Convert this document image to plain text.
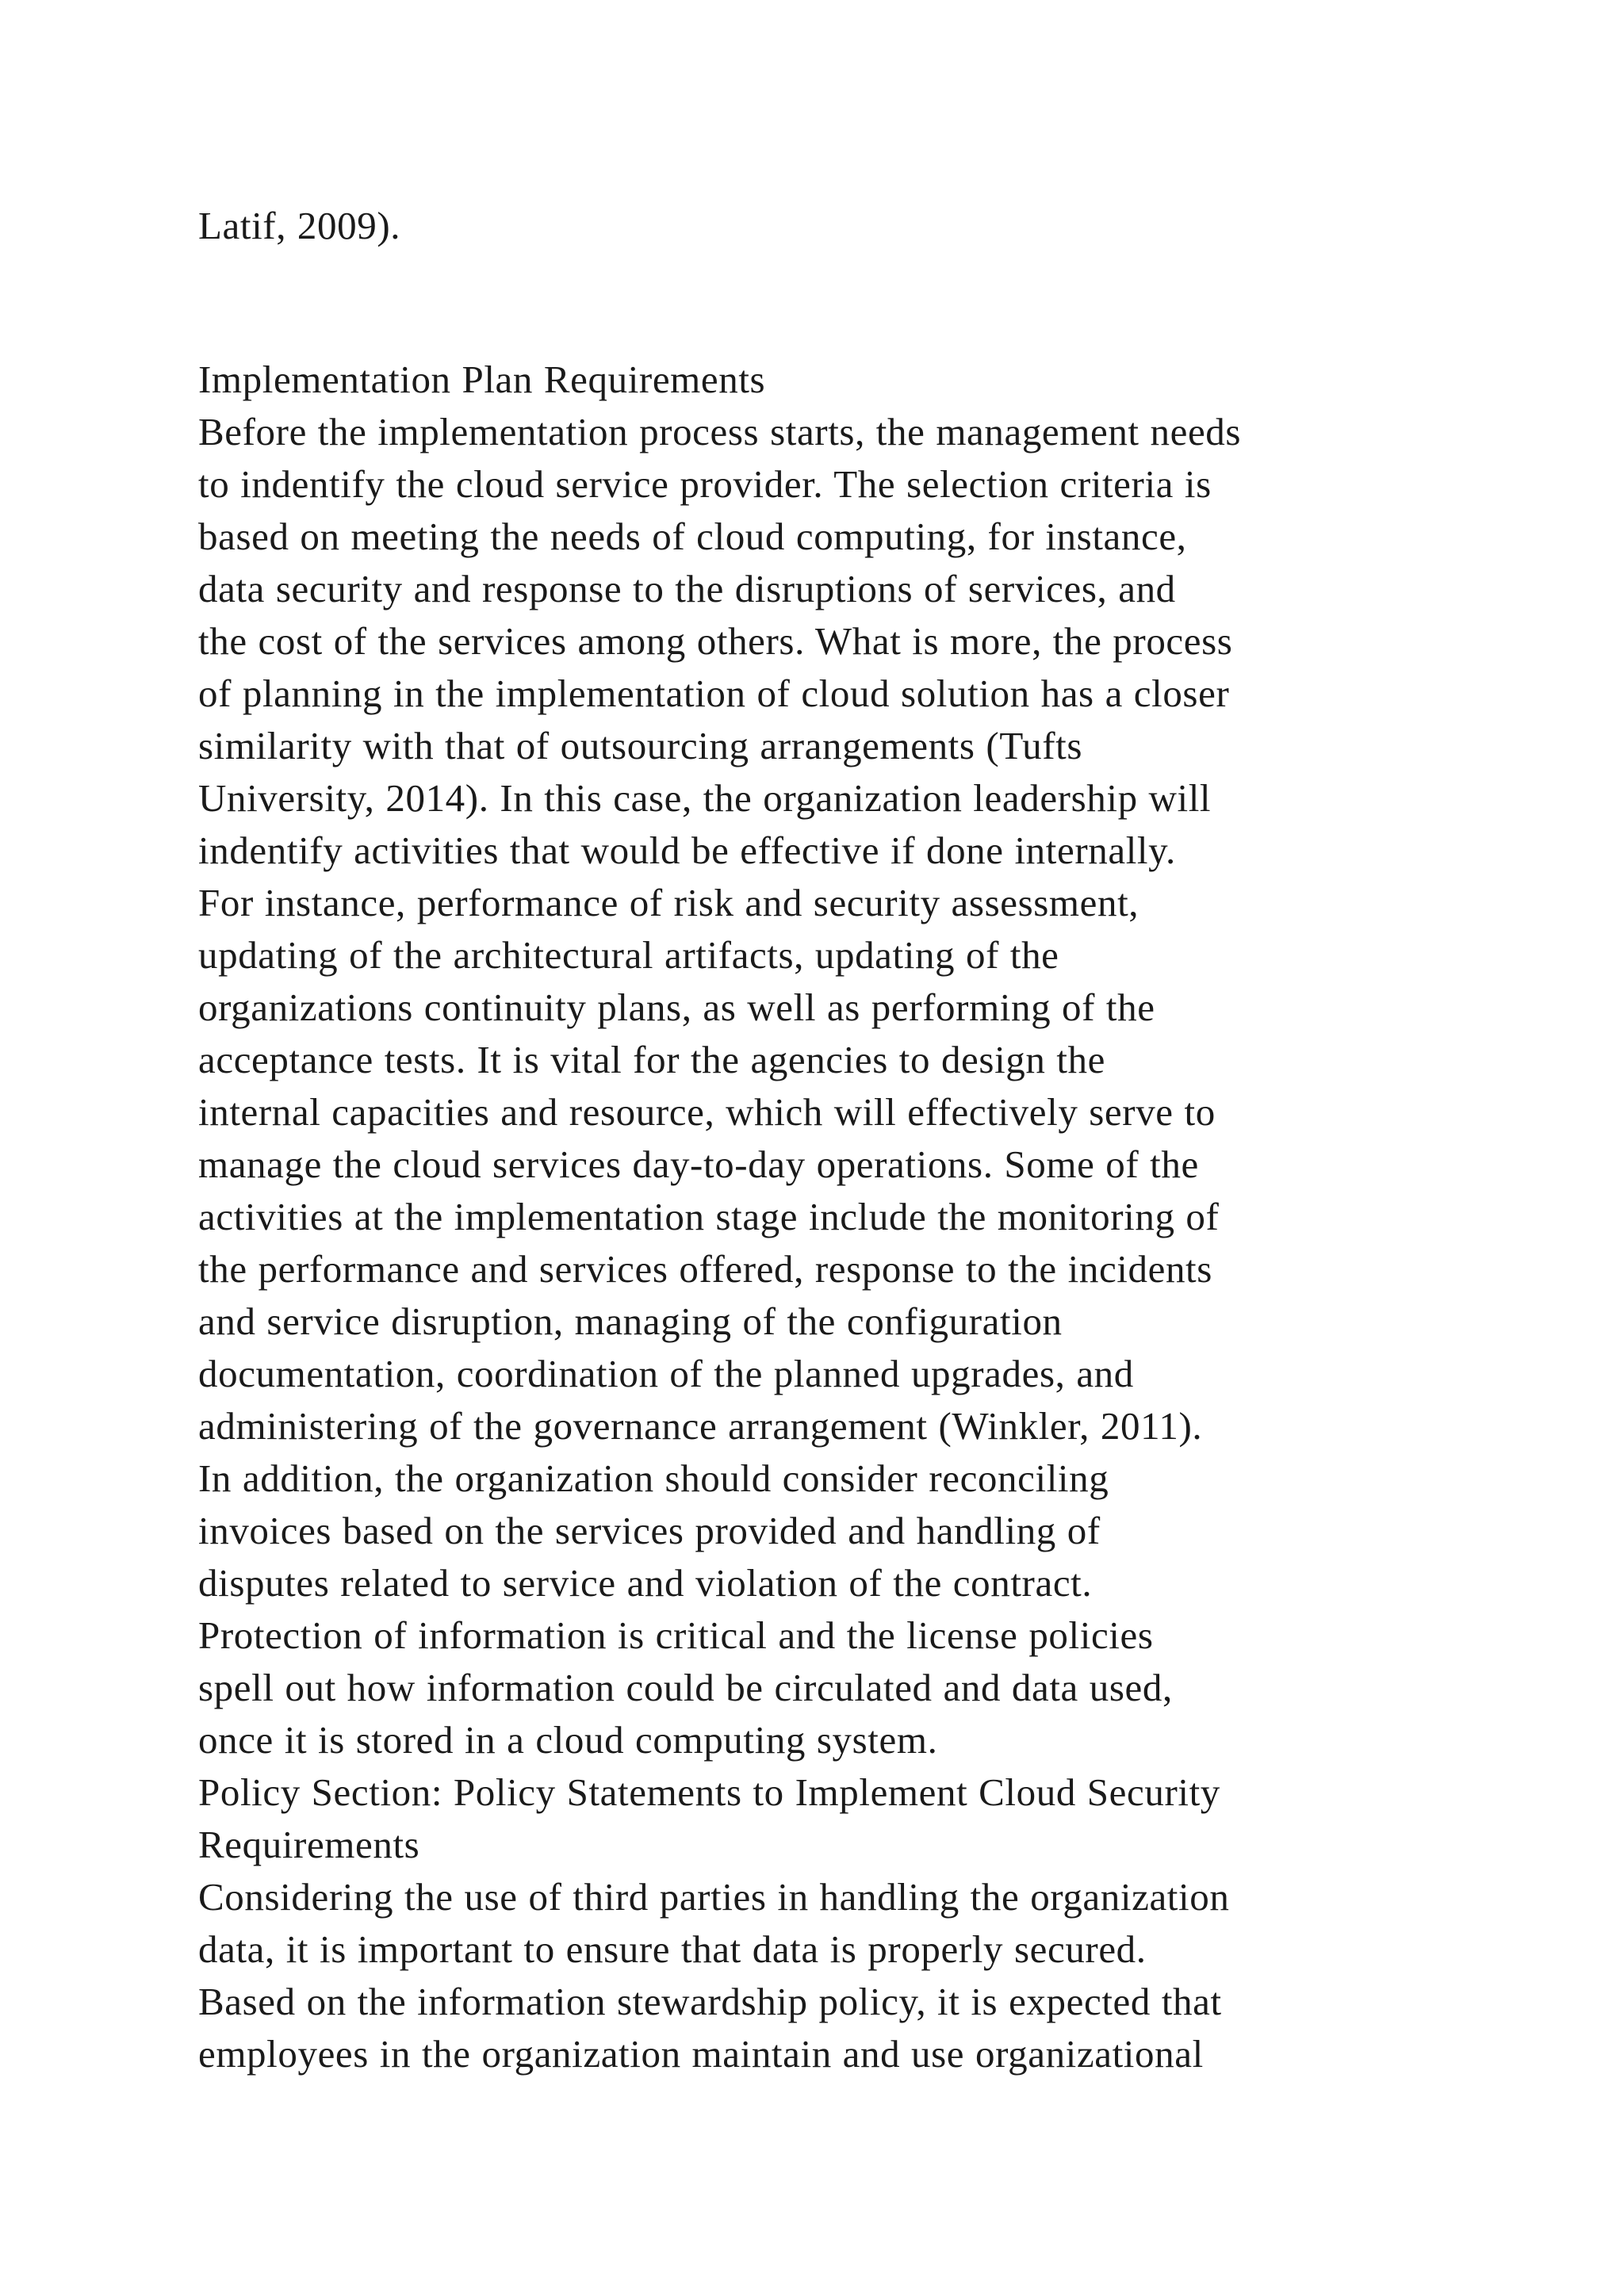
Latif, 2009).

Implementation Plan Requirements

Before the implementation process starts, the management needs

to indentify the cloud service provider. The selection criteria is

based on meeting the needs of cloud computing, for instance,

data security and response to the disruptions of services, and

the cost of the services among others. What is more, the process

of planning in the implementation of cloud solution has a closer

similarity with that of outsourcing arrangements (Tufts

University, 2014). In this case, the organization leadership will

indentify activities that would be effective if done internally.

For instance, performance of risk and security assessment,

updating of the architectural artifacts, updating of the

organizations continuity plans, as well as performing of the

acceptance tests. It is vital for the agencies to design the

internal capacities and resource, which will effectively serve to

manage the cloud services day-to-day operations. Some of the

activities at the implementation stage include the monitoring of

the performance and services offered, response to the incidents

and service disruption, managing of the configuration

documentation, coordination of the planned upgrades, and

administering of the governance arrangement (Winkler, 2011).

In addition, the organization should consider reconciling

invoices based on the services provided and handling of

disputes related to service and violation of the contract.

Protection of information is critical and the license policies

spell out how information could be circulated and data used,

once it is stored in a cloud computing system.

Policy Section: Policy Statements to Implement Cloud Security

Requirements

Considering the use of third parties in handling the organization

data, it is important to ensure that data is properly secured.

Based on the information stewardship policy, it is expected that

employees in the organization maintain and use organizational
